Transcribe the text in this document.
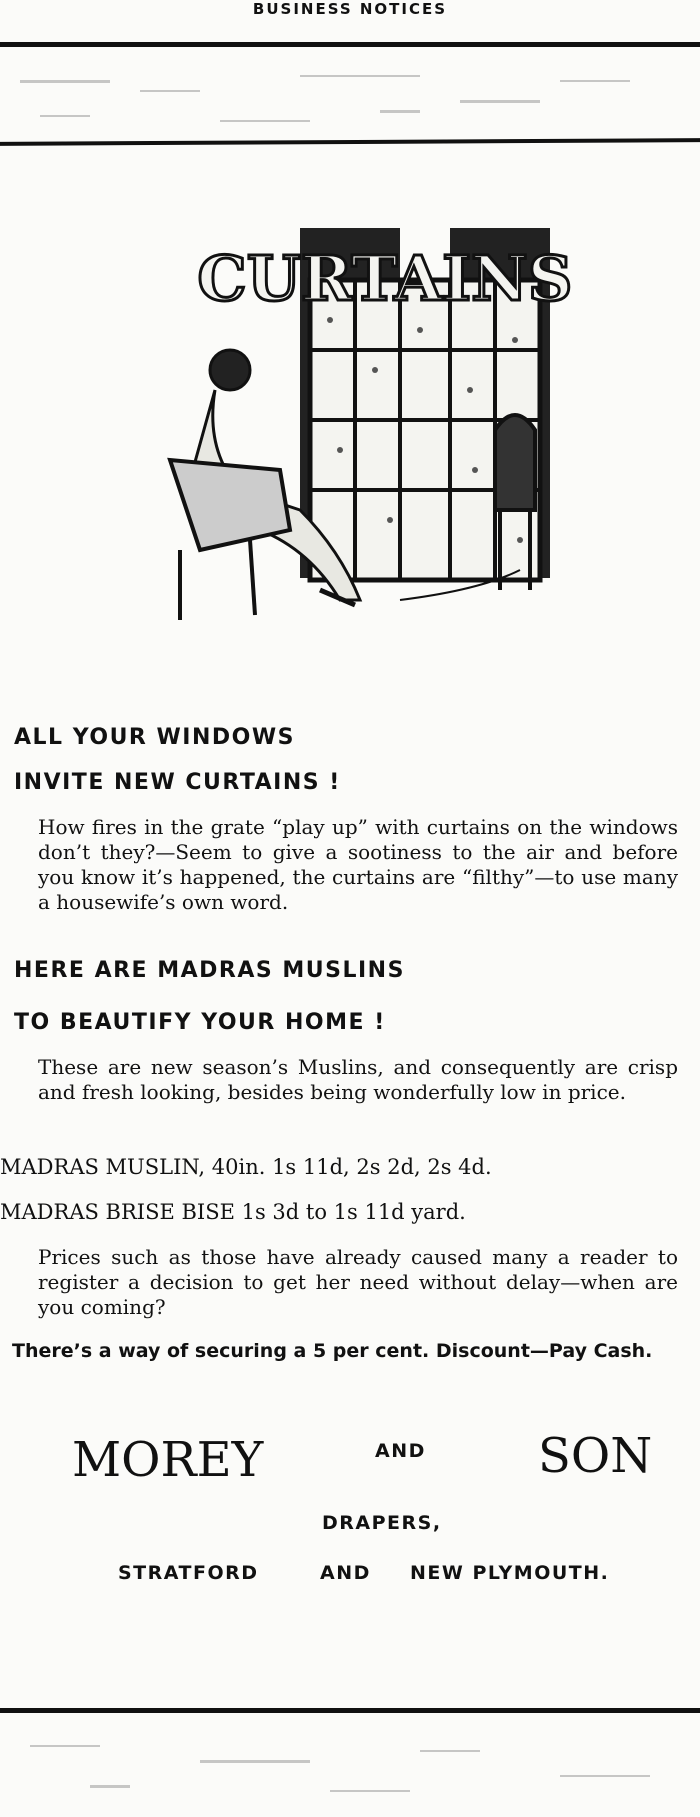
BUSINESS NOTICES
CURTAINS
ALL YOUR WINDOWS
INVITE NEW CURTAINS !
How fires in the grate “play up” with curtains on the windows don’t they?—Seem to give a sootiness to the air and before you know it’s happened, the curtains are “filthy”—to use many a housewife’s own word.
HERE ARE MADRAS MUSLINS
TO BEAUTIFY YOUR HOME !
These are new season’s Muslins, and consequently are crisp and fresh looking, besides being wonderfully low in price.
MADRAS MUSLIN, 40in. 1s 11d, 2s 2d, 2s 4d.
MADRAS BRISE BISE 1s 3d to 1s 11d yard.
Prices such as those have already caused many a reader to register a decision to get her need without delay—when are you coming?
There’s a way of securing a 5 per cent. Discount—Pay Cash.
MOREY	AND SON
DRAPERS,
STRATFORD	AND NEW PLYMOUTH.
